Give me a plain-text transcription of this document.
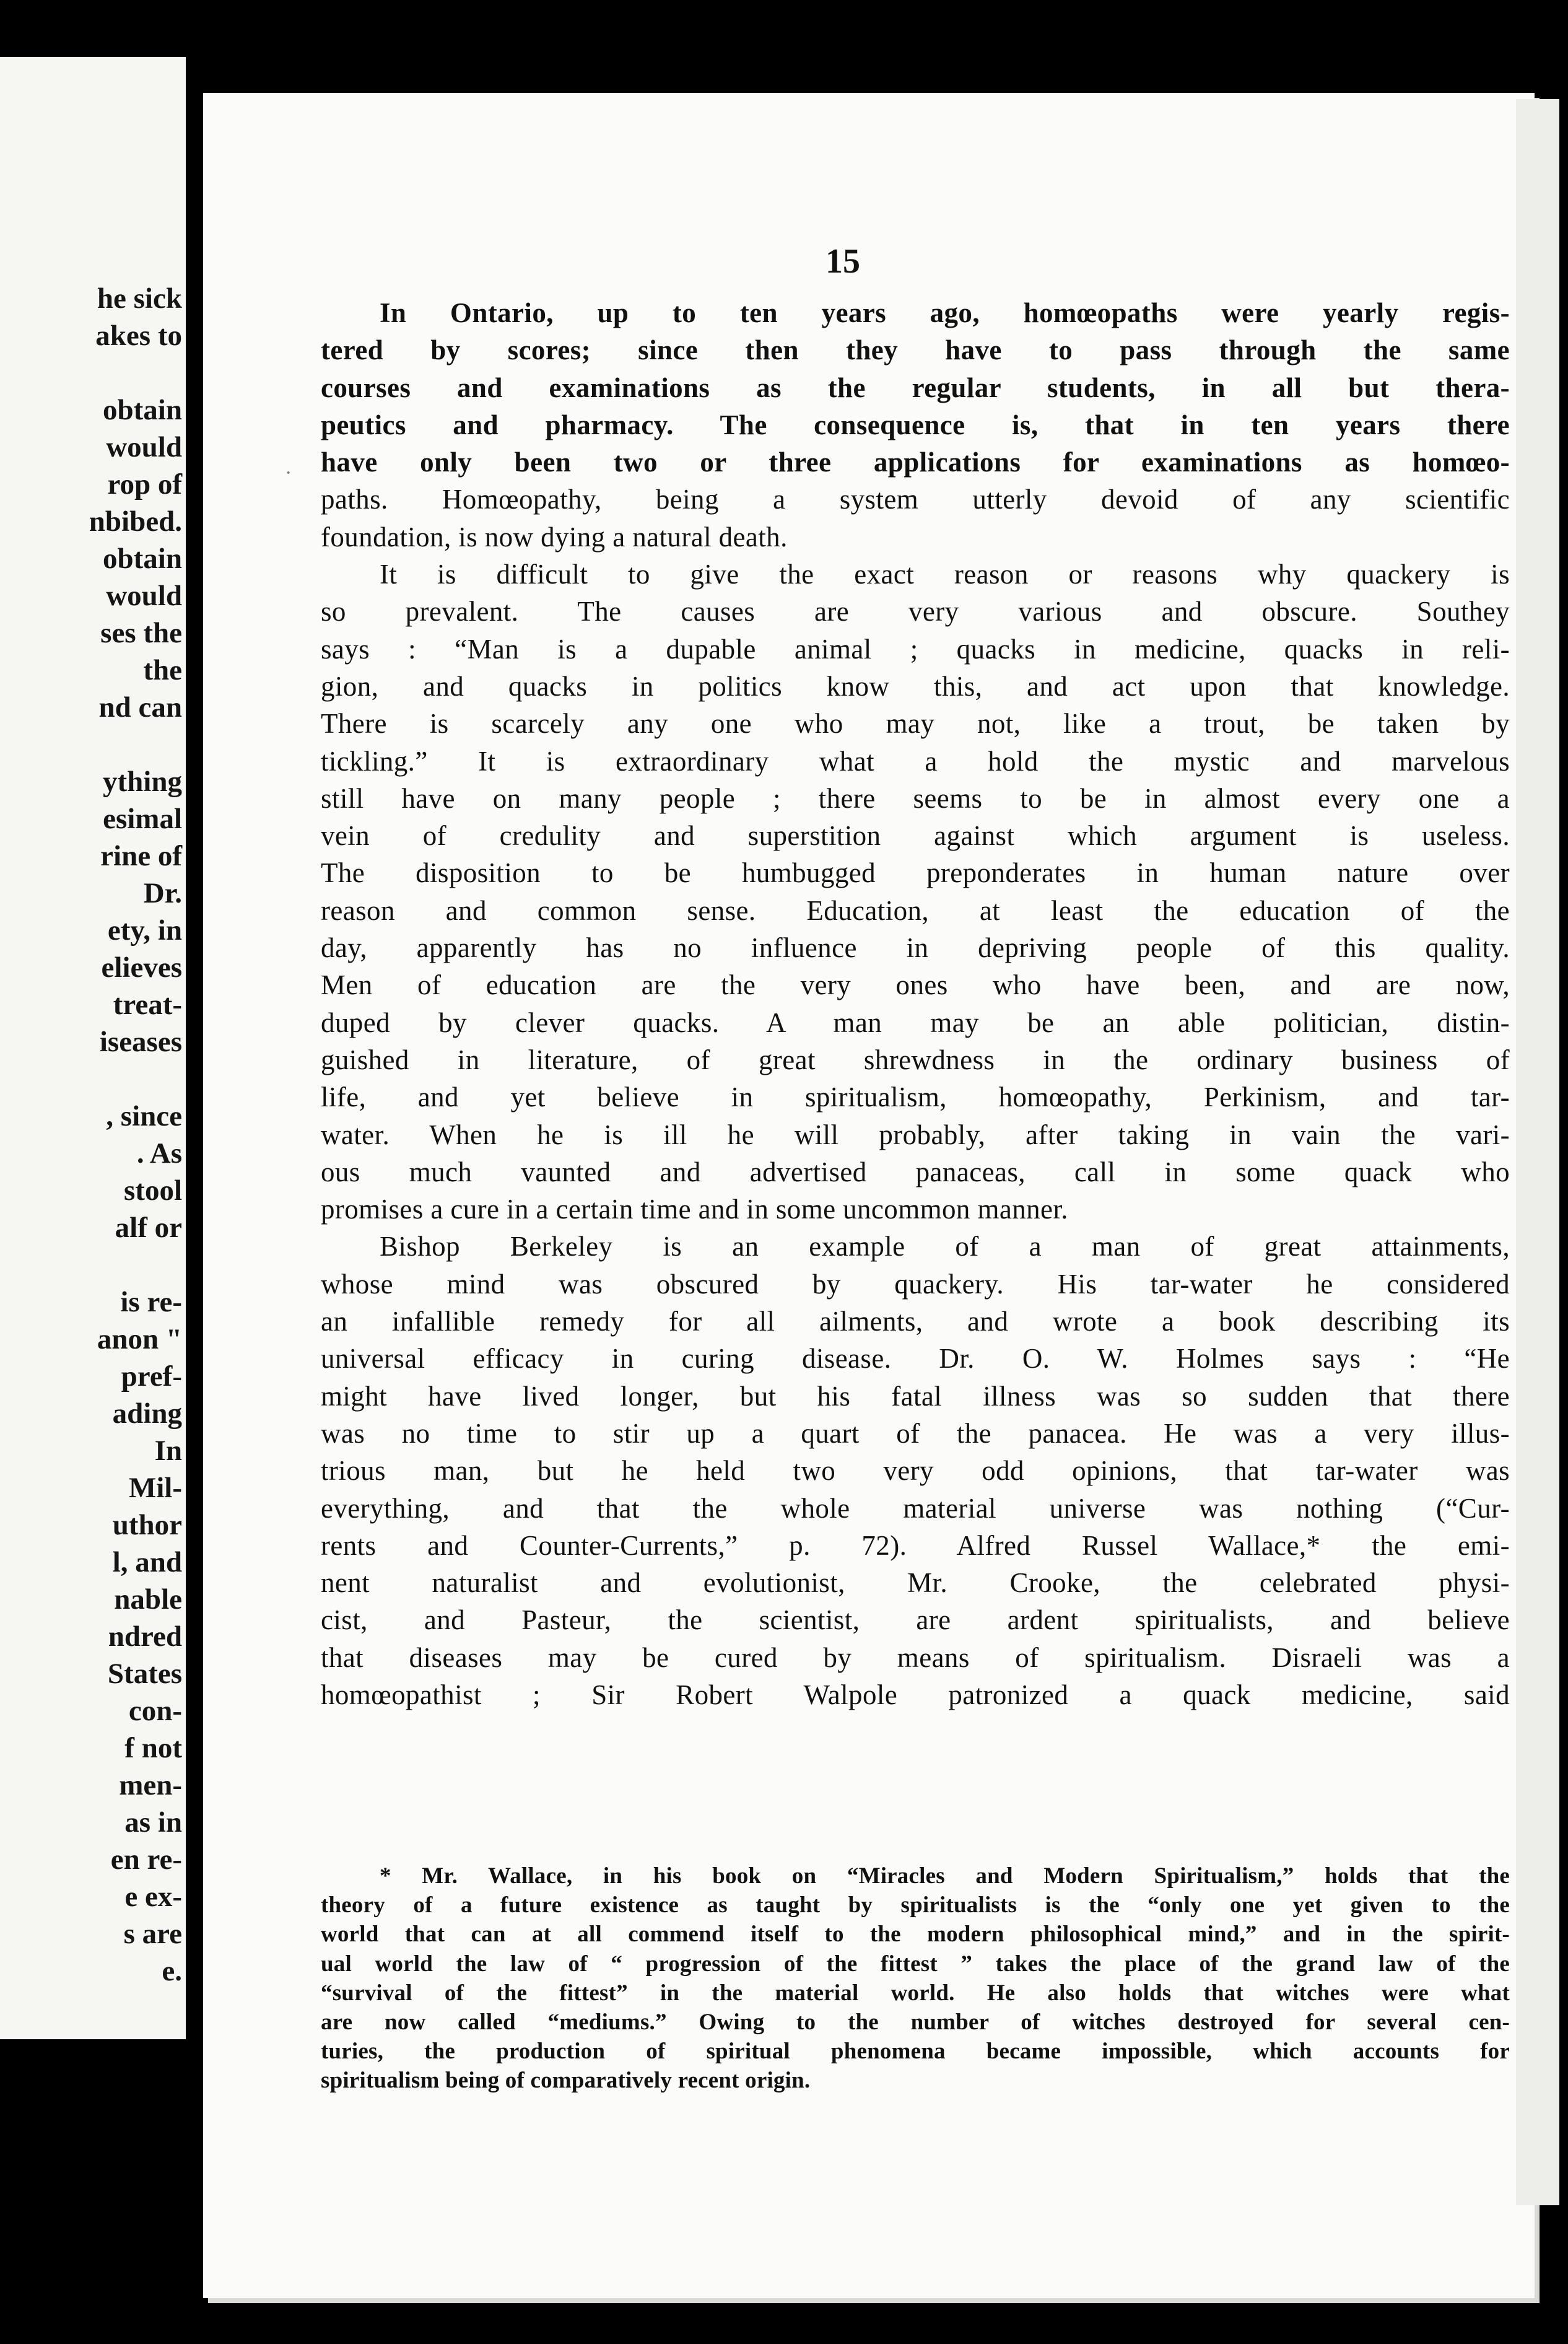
he sick
akes to

obtain
would
rop of
nbibed.
obtain
would
ses the
the
nd can

ything
esimal
rine of
Dr.
ety, in
elieves
treat-
iseases

, since
. As
stool
alf or

is re-
anon "
pref-
ading
In
Mil-
uthor
l, and
nable
ndred
States
con-
f not
men-
as in
en re-
e ex-
s are
e.
·
15
In Ontario, up to ten years ago, homœopaths were yearly regis-
tered by scores; since then they have to pass through the same
courses and examinations as the regular students, in all but thera-
peutics and pharmacy. The consequence is, that in ten years there
have only been two or three applications for examinations as homœo-
paths. Homœopathy, being a system utterly devoid of any scientific
foundation, is now dying a natural death.
It is difficult to give the exact reason or reasons why quackery is
so prevalent. The causes are very various and obscure. Southey
says : “Man is a dupable animal ; quacks in medicine, quacks in reli-
gion, and quacks in politics know this, and act upon that knowledge.
There is scarcely any one who may not, like a trout, be taken by
tickling.” It is extraordinary what a hold the mystic and marvelous
still have on many people ; there seems to be in almost every one a
vein of credulity and superstition against which argument is useless.
The disposition to be humbugged preponderates in human nature over
reason and common sense. Education, at least the education of the
day, apparently has no influence in depriving people of this quality.
Men of education are the very ones who have been, and are now,
duped by clever quacks. A man may be an able politician, distin-
guished in literature, of great shrewdness in the ordinary business of
life, and yet believe in spiritualism, homœopathy, Perkinism, and tar-
water. When he is ill he will probably, after taking in vain the vari-
ous much vaunted and advertised panaceas, call in some quack who
promises a cure in a certain time and in some uncommon manner.
Bishop Berkeley is an example of a man of great attainments,
whose mind was obscured by quackery. His tar-water he considered
an infallible remedy for all ailments, and wrote a book describing its
universal efficacy in curing disease. Dr. O. W. Holmes says : “He
might have lived longer, but his fatal illness was so sudden that there
was no time to stir up a quart of the panacea. He was a very illus-
trious man, but he held two very odd opinions, that tar-water was
everything, and that the whole material universe was nothing (“Cur-
rents and Counter-Currents,” p. 72). Alfred Russel Wallace,* the emi-
nent naturalist and evolutionist, Mr. Crooke, the celebrated physi-
cist, and Pasteur, the scientist, are ardent spiritualists, and believe
that diseases may be cured by means of spiritualism. Disraeli was a
homœopathist ; Sir Robert Walpole patronized a quack medicine, said
* Mr. Wallace, in his book on “Miracles and Modern Spiritualism,” holds that the
theory of a future existence as taught by spiritualists is the “only one yet given to the
world that can at all commend itself to the modern philosophical mind,” and in the spirit-
ual world the law of “ progression of the fittest ” takes the place of the grand law of the
“survival of the fittest” in the material world. He also holds that witches were what
are now called “mediums.” Owing to the number of witches destroyed for several cen-
turies, the production of spiritual phenomena became impossible, which accounts for
spiritualism being of comparatively recent origin.
